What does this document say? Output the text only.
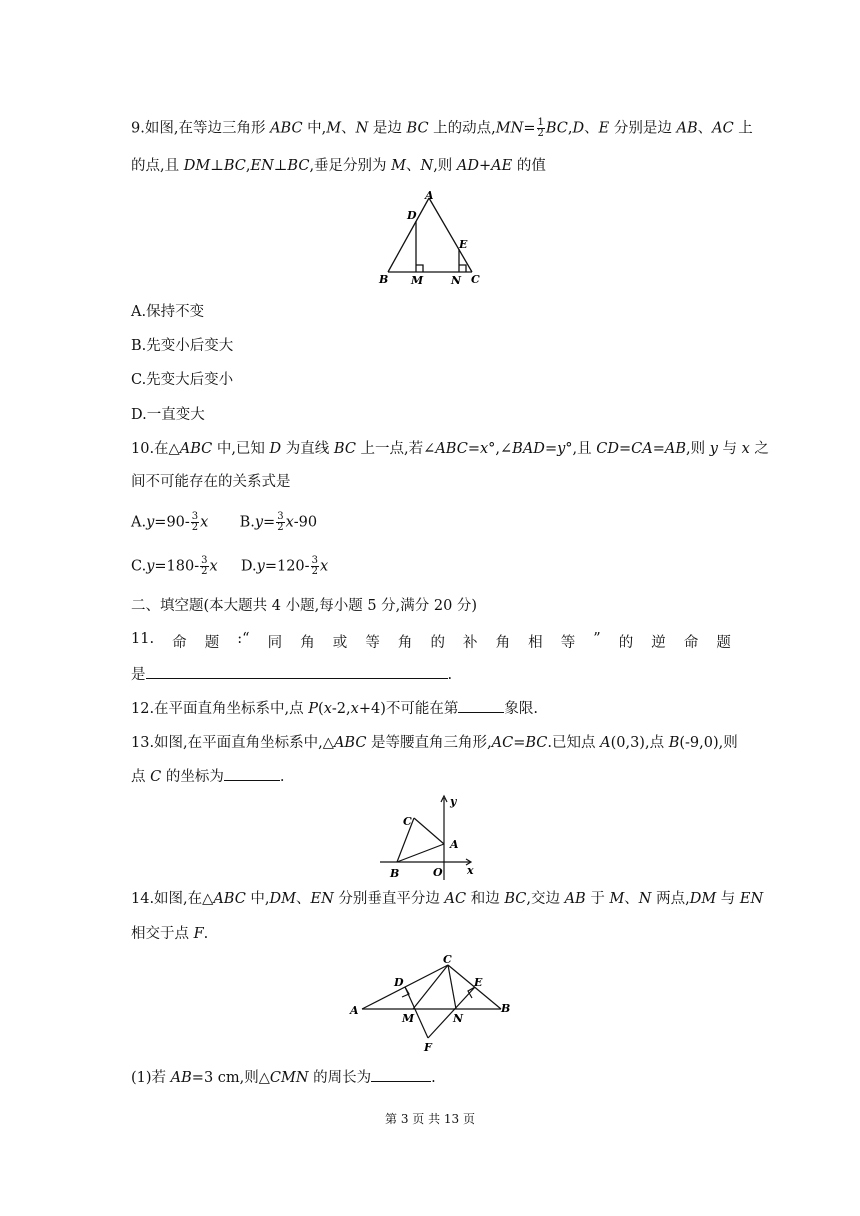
9.如图,在等边三角形 ABC 中,M、N 是边 BC 上的动点$,MN= \frac{1}{2} BC,D$、E 分别是边 AB、AC 上
的点,且 DM⊥BC,EN⊥BC,垂足分别为 M、N,则 AD+AE 的值
A
D
E
B M	N C
A.保持不变
B.先变小后变大
C.先变大后变小
D.一直变大
10.在△ABC 中,已知 D 为直线 BC 上一点,若∠ABC=x°,∠BAD=y°,且 CD=CA=AB,则 y 与 x 之
间不可能存在的关系式是
$A.y=90- \frac{3}{2}$ x $B.y= \frac{3}{2} x-90$
$C.y=180- \frac{3}{2}$ x $D.y=120- \frac{3}{2}$ x
二、填空题(本大题共 4 小题,每小题 5 分,满分 20 分)
11. 命 题 :“ 同 角 或 等 角 的 补 角 相 等 ” 的 逆 命 题
是	.
12.在平面直角坐标系中,点 P(x-2,x+4)不可能在第	象限.
13.如图,在平面直角坐标系中,△ABC 是等腰直角三角形,AC=BC.已知点 A(0,3),点 B(-9,0),则
点 C 的坐标为	.
y
C
A
B	O x
14.如图,在△ABC 中,DM、EN 分别垂直平分边 AC 和边 BC,交边 AB 于 M、N 两点,DM 与 EN
相交于点 F.
C
D	E
A
M	N
B
F
(1)若 AB=3 cm,则△CMN 的周长为	.
第 3 页 共 13 页
